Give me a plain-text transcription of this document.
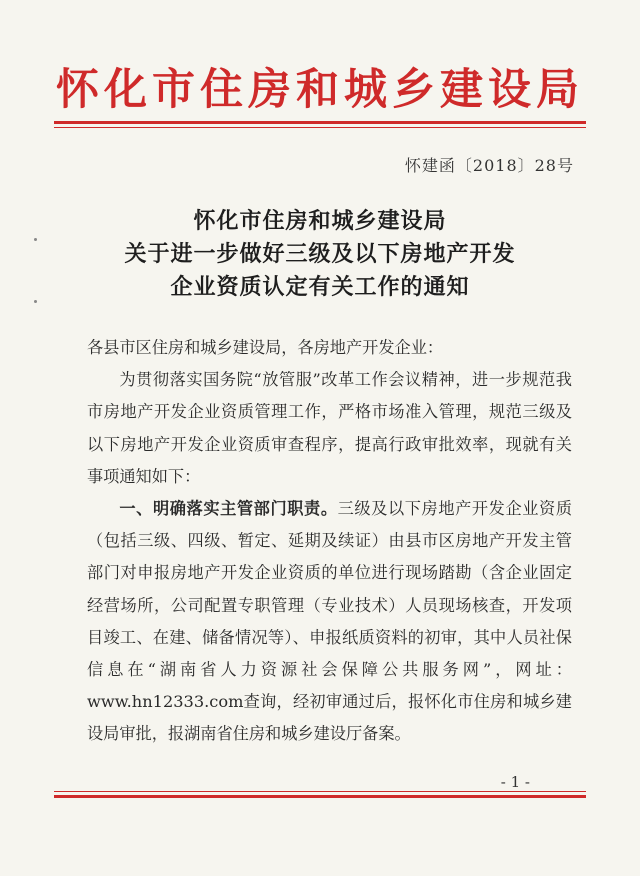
怀化市住房和城乡建设局
怀建函〔2018〕28号
怀化市住房和城乡建设局
关于进一步做好三级及以下房地产开发
企业资质认定有关工作的通知

各县市区住房和城乡建设局，各房地产开发企业：

为贯彻落实国务院“放管服”改革工作会议精神，进一步规范我市房地产开发企业资质管理工作，严格市场准入管理，规范三级及以下房地产开发企业资质审查程序，提高行政审批效率，现就有关事项通知如下：

一、明确落实主管部门职责。三级及以下房地产开发企业资质（包括三级、四级、暂定、延期及续证）由县市区房地产开发主管部门对申报房地产开发企业资质的单位进行现场踏勘（含企业固定经营场所，公司配置专职管理（专业技术）人员现场核查，开发项目竣工、在建、储备情况等）、申报纸质资料的初审，其中人员社保信息在“湖南省人力资源社会保障公共服务网”，网址：www.hn12333.com查询，经初审通过后，报怀化市住房和城乡建设局审批，报湖南省住房和城乡建设厅备案。

- 1 -
